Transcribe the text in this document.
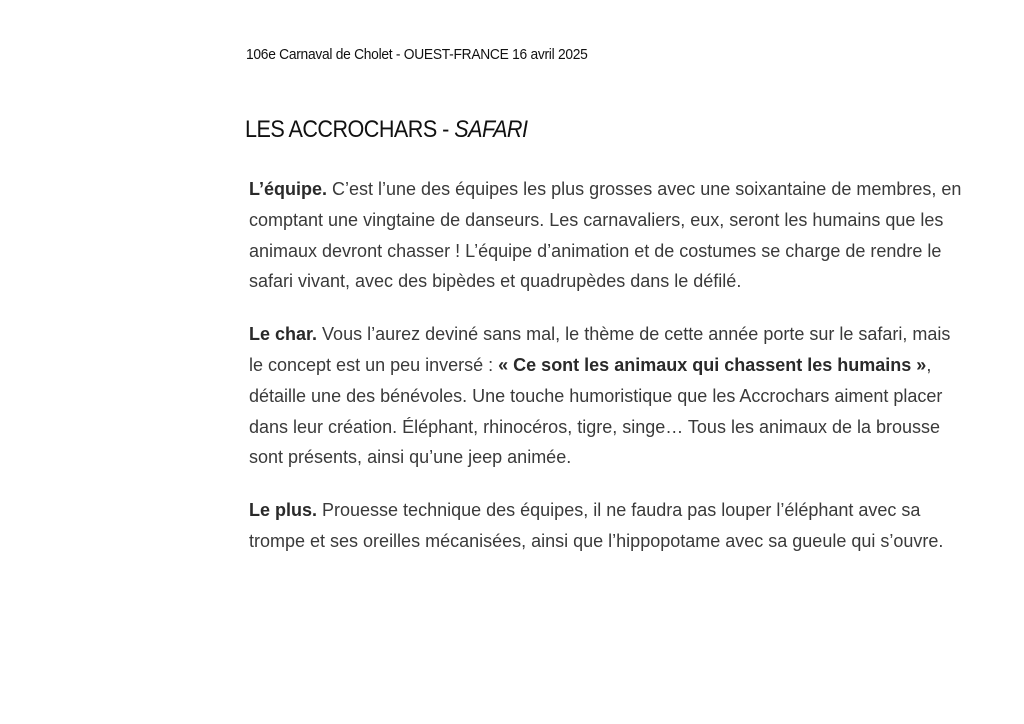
106e Carnaval de Cholet - OUEST-FRANCE 16 avril 2025
LES ACCROCHARS - SAFARI

L’équipe. C’est l’une des équipes les plus grosses avec une soixantaine de membres, en comptant une vingtaine de danseurs. Les carnavaliers, eux, seront les humains que les animaux devront chasser ! L’équipe d’animation et de costumes se charge de rendre le safari vivant, avec des bipèdes et quadrupèdes dans le défilé.

Le char. Vous l’aurez deviné sans mal, le thème de cette année porte sur le safari, mais le concept est un peu inversé : « Ce sont les animaux qui chassent les humains », détaille une des bénévoles. Une touche humoristique que les Accrochars aiment placer dans leur création. Éléphant, rhinocéros, tigre, singe… Tous les animaux de la brousse sont présents, ainsi qu’une jeep animée.

Le plus. Prouesse technique des équipes, il ne faudra pas louper l’éléphant avec sa trompe et ses oreilles mécanisées, ainsi que l’hippopotame avec sa gueule qui s’ouvre.
